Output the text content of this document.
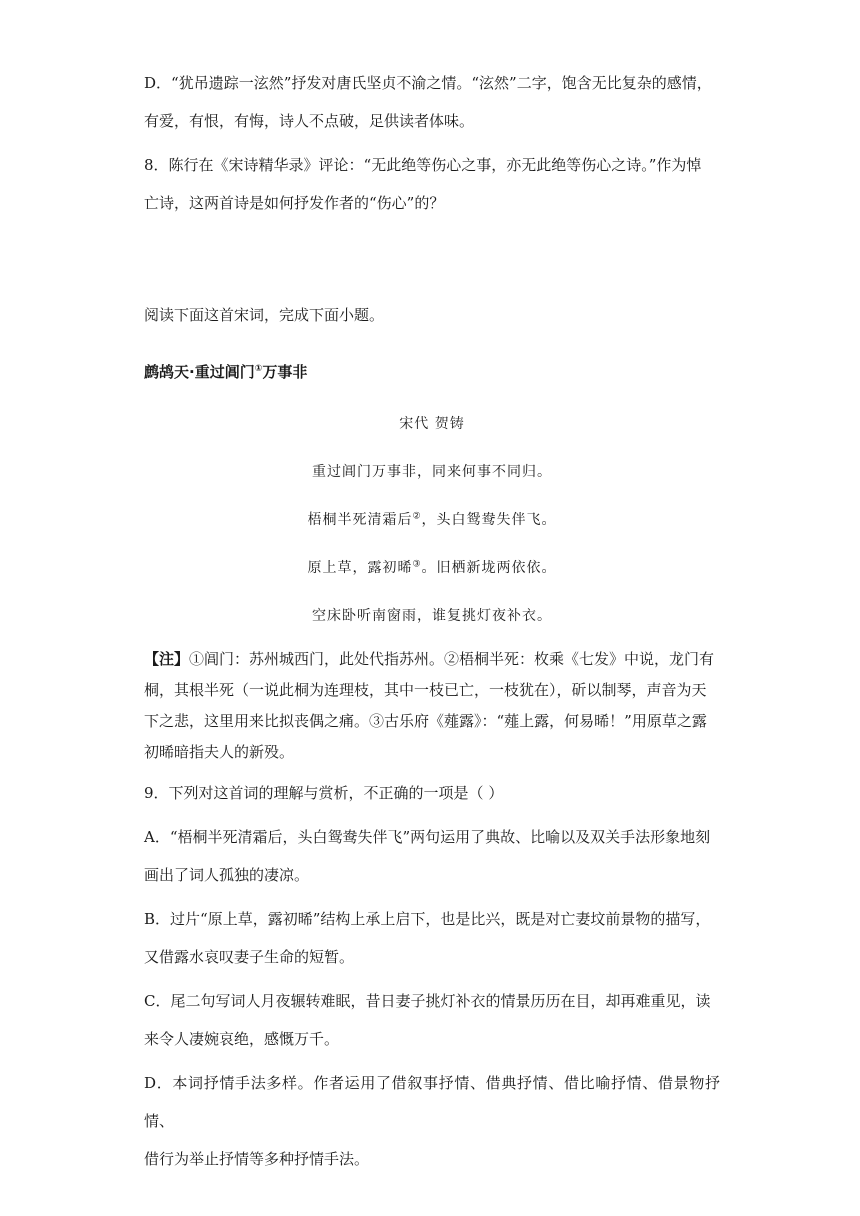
D．“犹吊遗踪一泫然”抒发对唐氏坚贞不渝之情。“泫然”二字，饱含无比复杂的感情，

有爱，有恨，有悔，诗人不点破，足供读者体味。

8．陈行在《宋诗精华录》评论：“无此绝等伤心之事，亦无此绝等伤心之诗。”作为悼

亡诗，这两首诗是如何抒发作者的“伤心”的？

阅读下面这首宋词，完成下面小题。

鹧鸪天·重过阊门①万事非

宋代 贺铸

重过阊门万事非，同来何事不同归。

梧桐半死清霜后②，头白鸳鸯失伴飞。

原上草，露初晞③。旧栖新垅两依依。

空床卧听南窗雨，谁复挑灯夜补衣。

【注】①阊门：苏州城西门，此处代指苏州。②梧桐半死：枚乘《七发》中说，龙门有
桐，其根半死（一说此桐为连理枝，其中一枝已亡，一枝犹在），斫以制琴，声音为天
下之悲，这里用来比拟丧偶之痛。③古乐府《薤露》：“薤上露，何易晞！”用原草之露
初晞暗指夫人的新殁。

9．下列对这首词的理解与赏析，不正确的一项是（ ）

A．“梧桐半死清霜后，头白鸳鸯失伴飞”两句运用了典故、比喻以及双关手法形象地刻

画出了词人孤独的凄凉。

B．过片“原上草，露初晞”结构上承上启下，也是比兴，既是对亡妻坟前景物的描写，

又借露水哀叹妻子生命的短暂。

C．尾二句写词人月夜辗转难眠，昔日妻子挑灯补衣的情景历历在目，却再难重见，读

来令人凄婉哀绝，感慨万千。

D．本词抒情手法多样。作者运用了借叙事抒情、借典抒情、借比喻抒情、借景物抒情、

借行为举止抒情等多种抒情手法。
